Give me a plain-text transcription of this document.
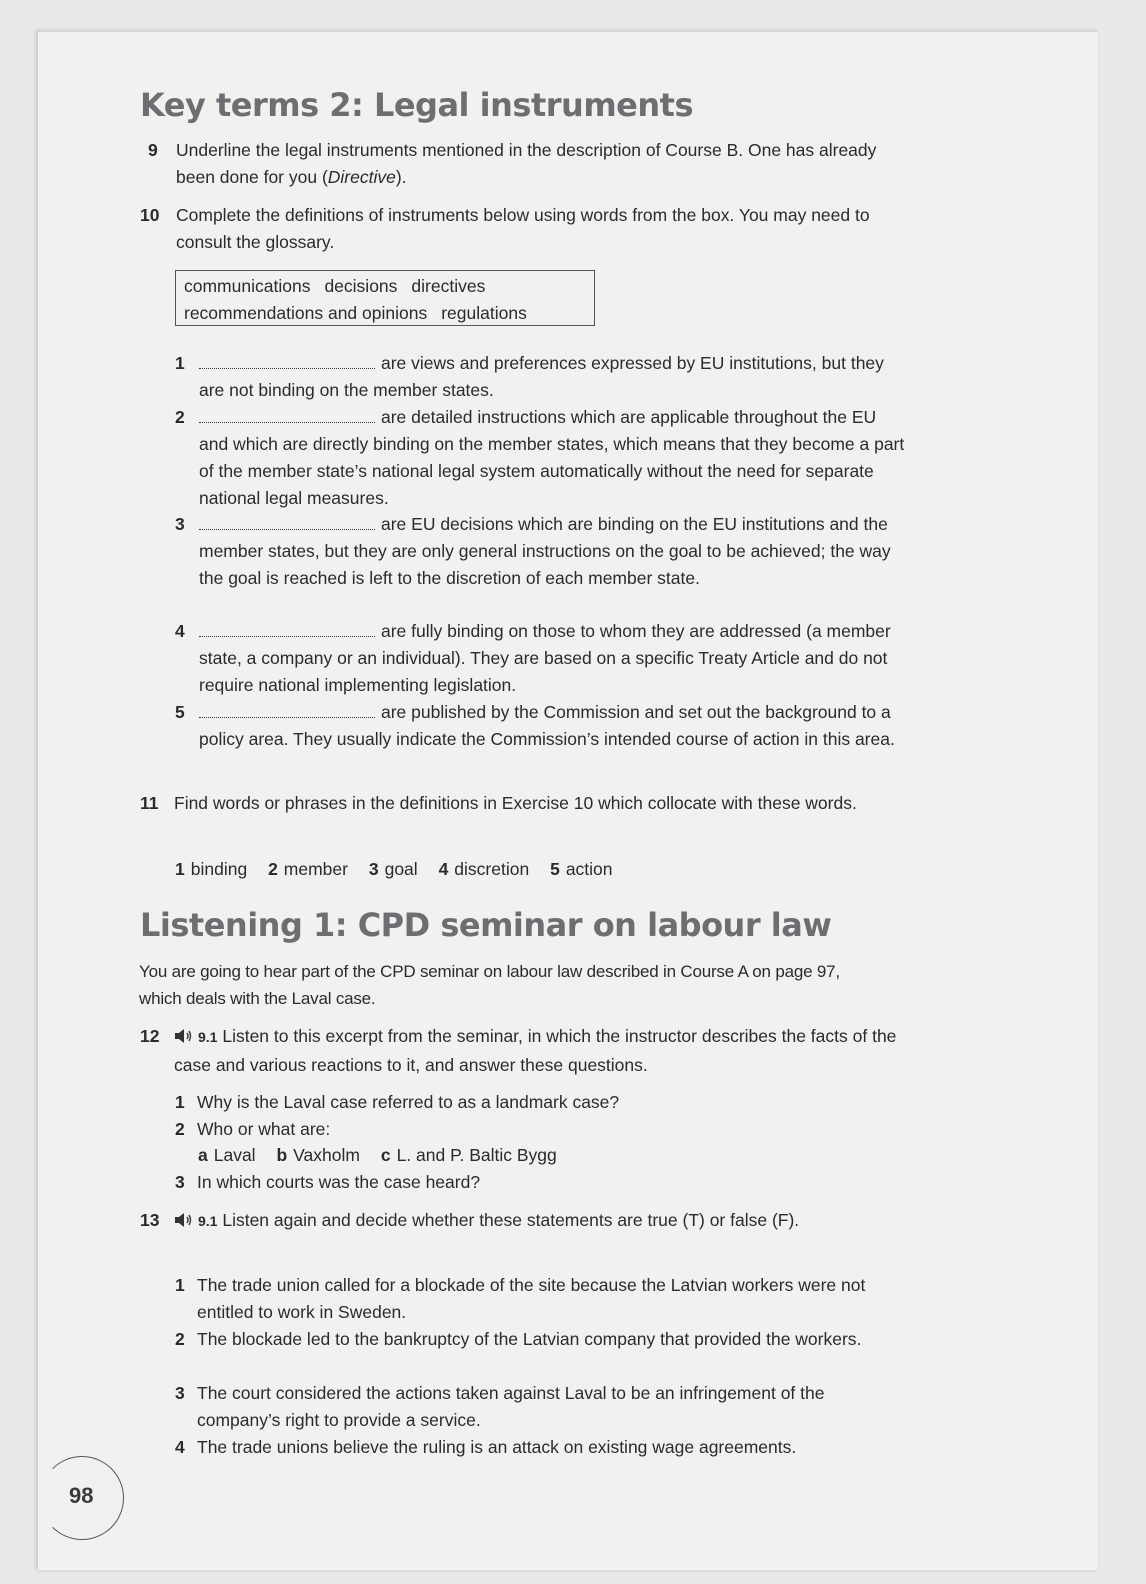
Key terms 2: Legal instruments
9	Underline the legal instruments mentioned in the description of Course B. One has already been done for you (Directive).
10 Complete the definitions of instruments below using words from the box. You may need to consult the glossary.
communications decisions directives
recommendations and opinions regulations
1	are views and preferences expressed by EU institutions, but they are not binding on the member states.
2	are detailed instructions which are applicable throughout the EU and which are directly binding on the member states, which means that they become a part of the member state’s national legal system automatically without the need for separate national legal measures.
3	are EU decisions which are binding on the EU institutions and the member states, but they are only general instructions on the goal to be achieved; the way the goal is reached is left to the discretion of each member state.
4	are fully binding on those to whom they are addressed (a member state, a company or an individual). They are based on a specific Treaty Article and do not require national implementing legislation.
5	are published by the Commission and set out the background to a policy area. They usually indicate the Commission’s intended course of action in this area.
11 Find words or phrases in the definitions in Exercise 10 which collocate with these words.
1 binding 2 member 3 goal 4 discretion 5 action
Listening 1: CPD seminar on labour law
You are going to hear part of the CPD seminar on labour law described in Course A on page 97, which deals with the Laval case.
12	9.1 Listen to this excerpt from the seminar, in which the instructor describes the facts of the case and various reactions to it, and answer these questions.
1 Why is the Laval case referred to as a landmark case?
2 Who or what are:
a Laval b Vaxholm c L. and P. Baltic Bygg
3 In which courts was the case heard?
13	9.1 Listen again and decide whether these statements are true (T) or false (F).
1 The trade union called for a blockade of the site because the Latvian workers were not entitled to work in Sweden.
2 The blockade led to the bankruptcy of the Latvian company that provided the workers.
3 The court considered the actions taken against Laval to be an infringement of the company’s right to provide a service.
4 The trade unions believe the ruling is an attack on existing wage agreements.
98
